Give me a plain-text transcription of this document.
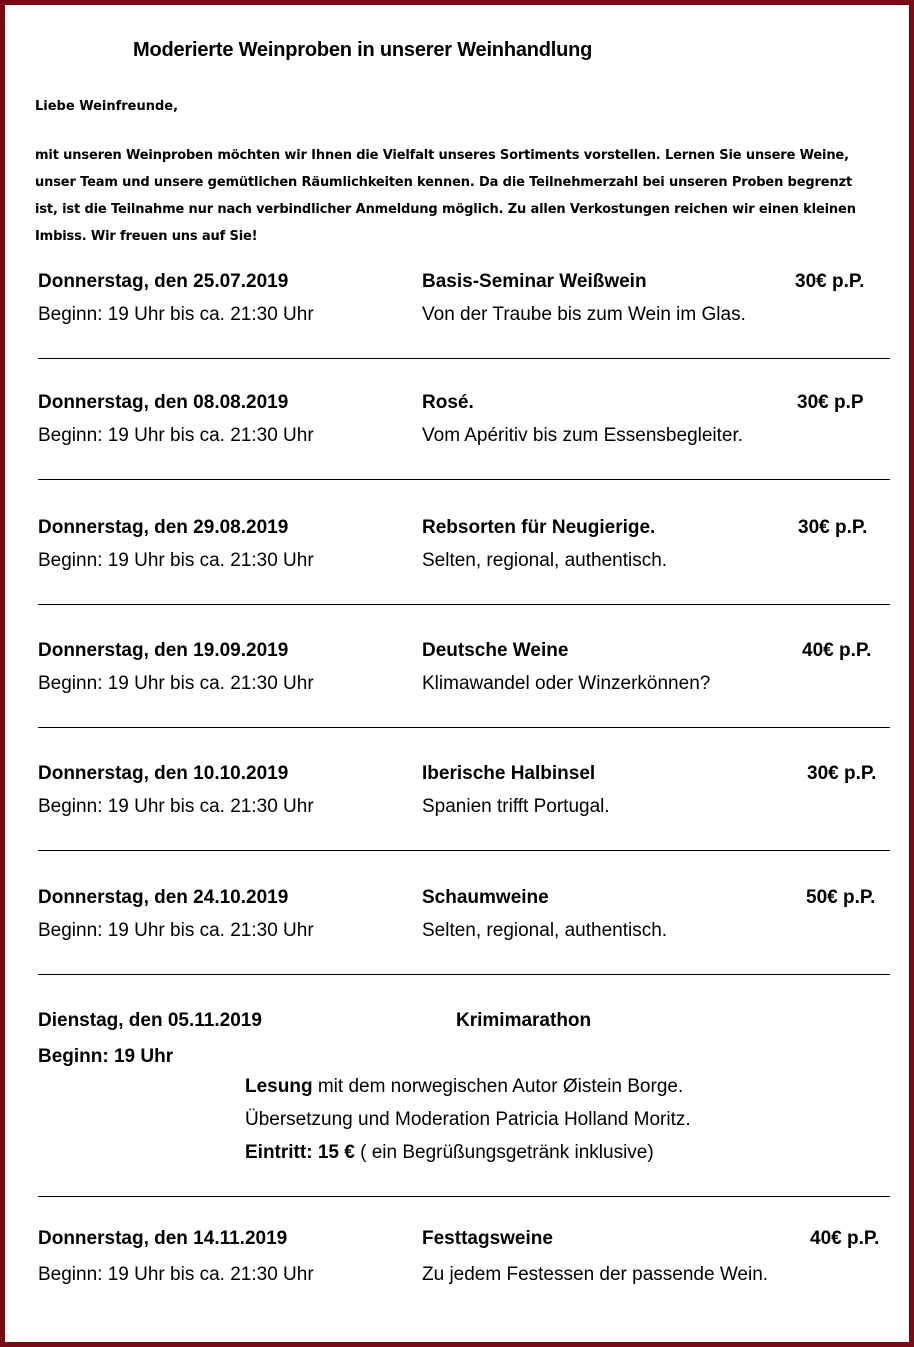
Moderierte Weinproben in unserer Weinhandlung
Liebe Weinfreunde,
mit unseren Weinproben möchten wir Ihnen die Vielfalt unseres Sortiments vorstellen. Lernen Sie unsere Weine, unser Team und unsere gemütlichen Räumlichkeiten kennen. Da die Teilnehmerzahl bei unseren Proben begrenzt ist, ist die Teilnahme nur nach verbindlicher Anmeldung möglich. Zu allen Verkostungen reichen wir einen kleinen Imbiss. Wir freuen uns auf Sie!
Donnerstag, den 25.07.2019	Basis-Seminar Weißwein	30€ p.P.
Beginn: 19 Uhr bis ca. 21:30 Uhr	Von der Traube bis zum Wein im Glas.
Donnerstag, den 08.08.2019	Rosé.	30€ p.P
Beginn: 19 Uhr bis ca. 21:30 Uhr	Vom Apéritiv bis zum Essensbegleiter.
Donnerstag, den 29.08.2019	Rebsorten für Neugierige.	30€ p.P.
Beginn: 19 Uhr bis ca. 21:30 Uhr	Selten, regional, authentisch.
Donnerstag, den 19.09.2019	Deutsche Weine	40€ p.P.
Beginn: 19 Uhr bis ca. 21:30 Uhr	Klimawandel oder Winzerkönnen?
Donnerstag, den 10.10.2019	Iberische Halbinsel	30€ p.P.
Beginn: 19 Uhr bis ca. 21:30 Uhr	Spanien trifft Portugal.
Donnerstag, den 24.10.2019	Schaumweine	50€ p.P.
Beginn: 19 Uhr bis ca. 21:30 Uhr	Selten, regional, authentisch.
Dienstag, den 05.11.2019	Krimimarathon
Beginn: 19 Uhr
Lesung mit dem norwegischen Autor Øistein Borge.
Übersetzung und Moderation Patricia Holland Moritz.
Eintritt: 15 € ( ein Begrüßungsgetränk inklusive)
Donnerstag, den 14.11.2019	Festtagsweine	40€ p.P.
Beginn: 19 Uhr bis ca. 21:30 Uhr	Zu jedem Festessen der passende Wein.
